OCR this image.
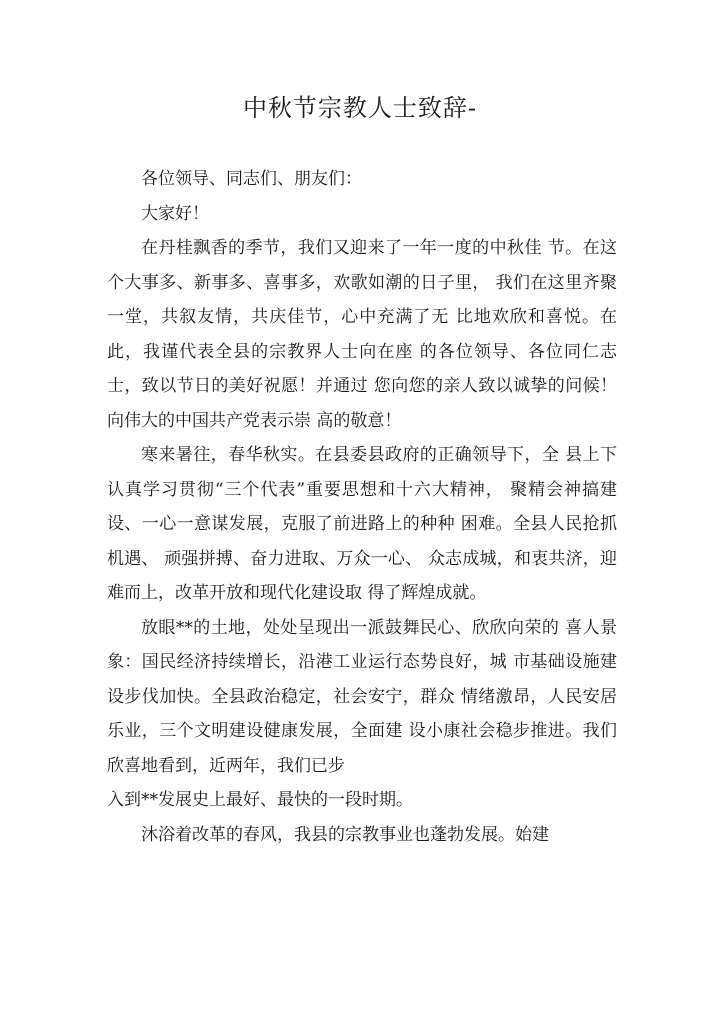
中秋节宗教人士致辞-

各位领导、同志们、朋友们：

大家好！

在丹桂飘香的季节，我们又迎来了一年一度的中秋佳 节。在这个大事多、新事多、喜事多，欢歌如潮的日子里， 我们在这里齐聚一堂，共叙友情，共庆佳节，心中充满了无 比地欢欣和喜悦。在此，我谨代表全县的宗教界人士向在座 的各位领导、各位同仁志士，致以节日的美好祝愿！并通过 您向您的亲人致以诚挚的问候！向伟大的中国共产党表示崇 高的敬意！

寒来暑往，春华秋实。在县委县政府的正确领导下，全 县上下认真学习贯彻“三个代表”重要思想和十六大精神， 聚精会神搞建设、一心一意谋发展，克服了前进路上的种种 困难。全县人民抢抓机遇、 顽强拼搏、奋力进取、万众一心、 众志成城，和衷共济，迎难而上，改革开放和现代化建设取 得了辉煌成就。

放眼**的土地，处处呈现出一派鼓舞民心、欣欣向荣的 喜人景象：国民经济持续增长，沿港工业运行态势良好，城 市基础设施建设步伐加快。全县政治稳定，社会安宁，群众 情绪激昂，人民安居乐业，三个文明建设健康发展，全面建 设小康社会稳步推进。我们欣喜地看到，近两年，我们已步

入到**发展史上最好、最快的一段时期。

沐浴着改革的春风，我县的宗教事业也蓬勃发展。始建
